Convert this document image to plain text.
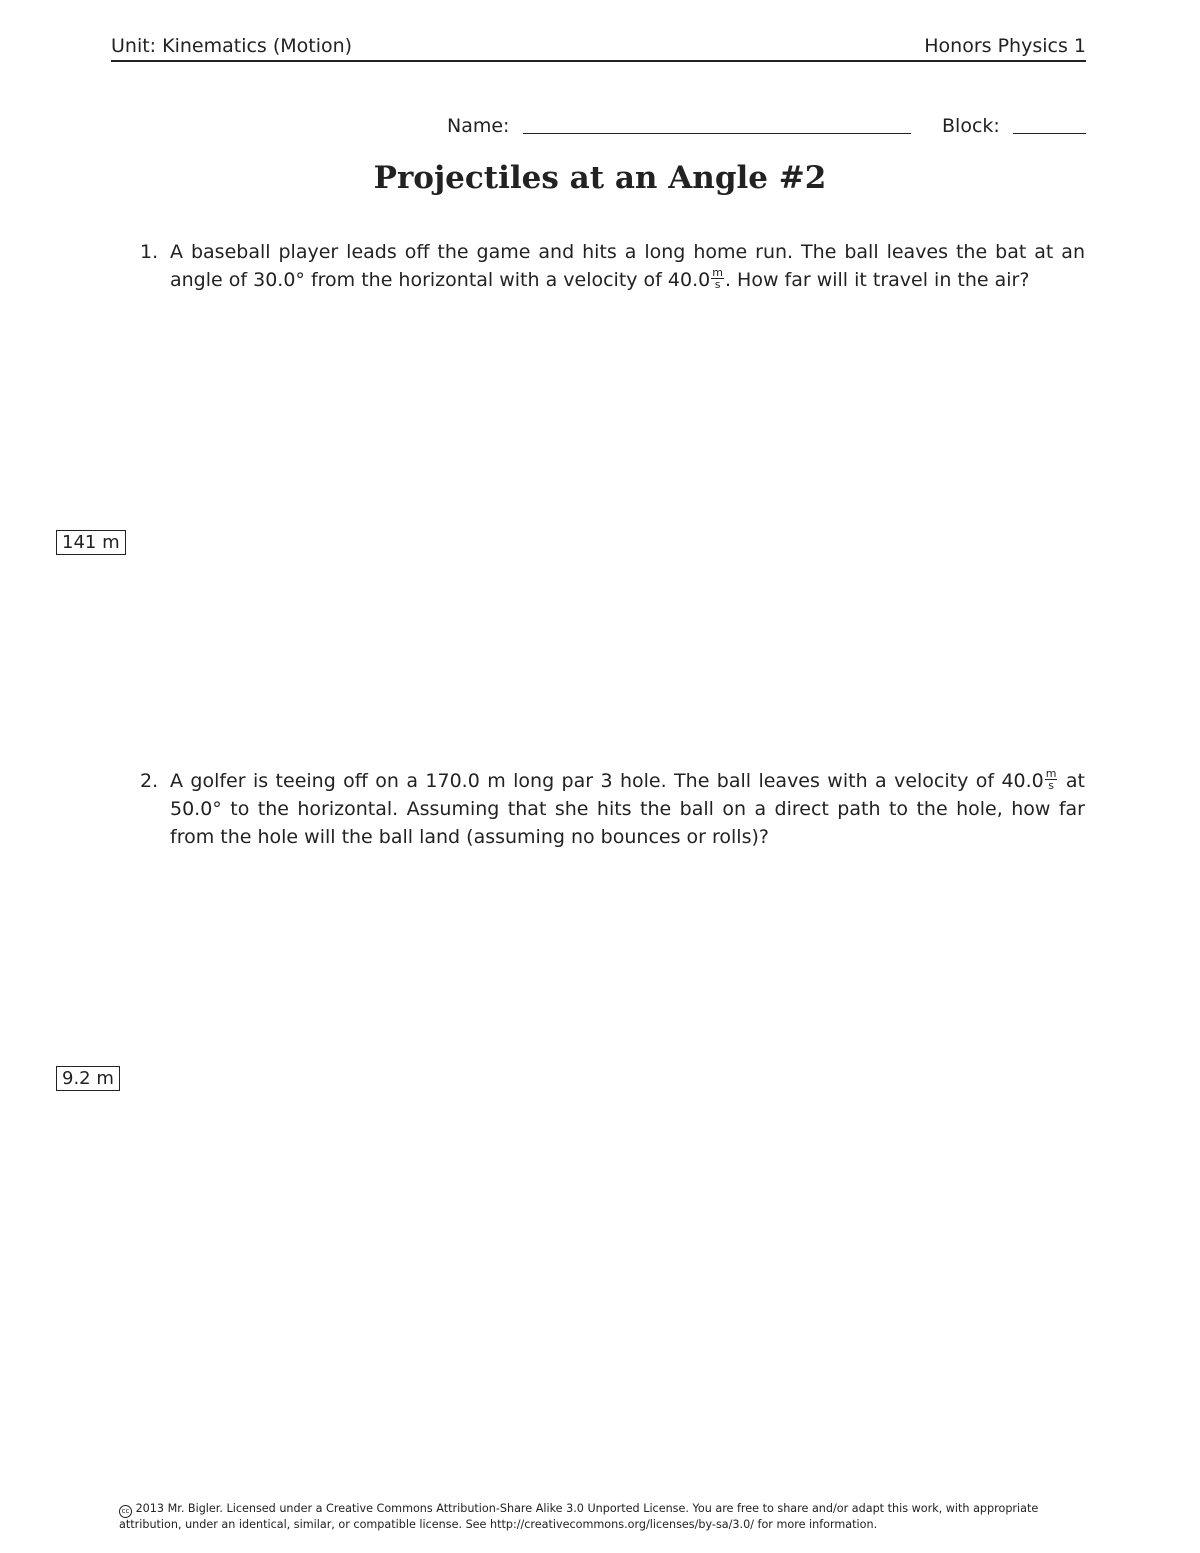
Unit: Kinematics (Motion)	Honors Physics 1
Name:	Block:
Projectiles at an Angle #2
1. A baseball player leads off the game and hits a long home run. The ball leaves the bat at an angle of 30.0° from the horizontal with a velocity of $40.0 \frac{m}{s}$ . How far will it travel in the air?
141 m
2. A golfer is teeing off on a 170.0 m long par 3 hole. The ball leaves with a velocity of $40.0 \frac{m}{s}$ at 50.0° to the horizontal. Assuming that she hits the ball on a direct path to the hole, how far from the hole will the ball land (assuming no bounces or rolls)?
9.2 m
cc 2013 Mr. Bigler. Licensed under a Creative Commons Attribution-Share Alike 3.0 Unported License. You are free to share and/or adapt this work, with appropriate attribution, under an identical, similar, or compatible license. See http://creativecommons.org/licenses/by-sa/3.0/ for more information.
